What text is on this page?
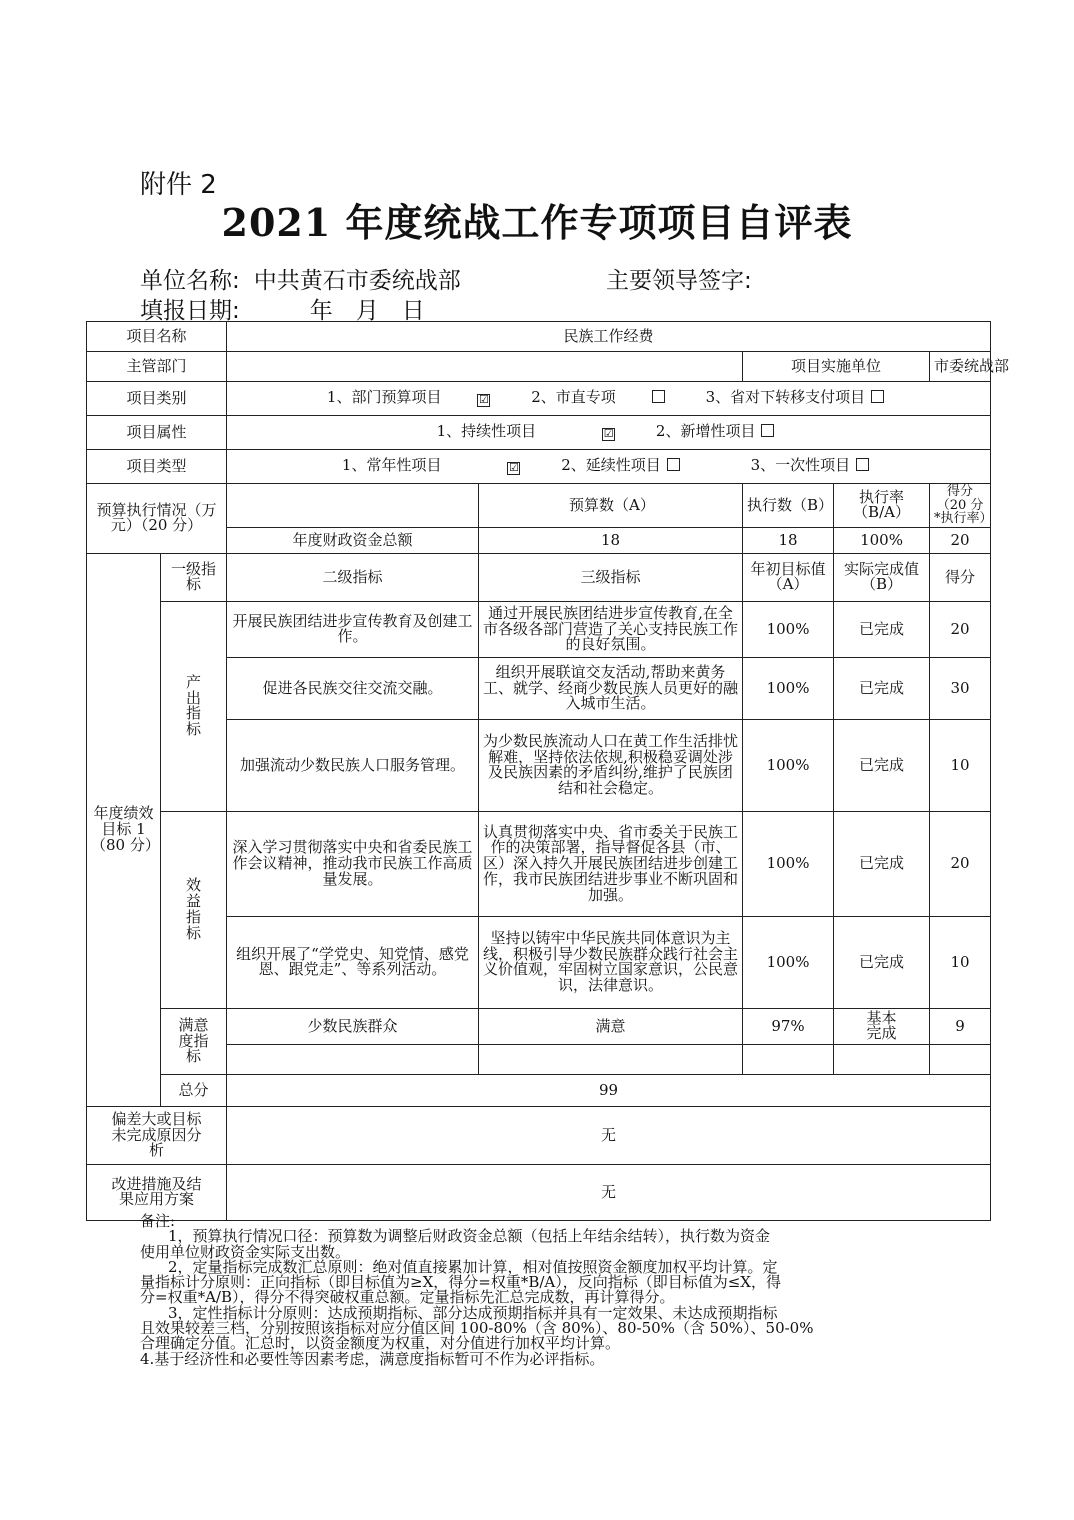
附件 2
2021 年度统战工作专项项目自评表
单位名称: 中共黄石市委统战部	主要领导签字:
填报日期:	年　月　日
项目名称		民族工作经费				
主管部门				项目实施单位		市委统战部
项目类别		1、部门预算项目 ☑ 2、市直专项 3、省对下转移支付项目				
项目属性		1、持续性项目 ☑ 2、新增性项目				
项目类型		1、常年性项目 ☑ 2、延续性项目 3、一次性项目				
预算执行情况（万元）（20 分）			预算数（A）	执行数（B）	执行率（B/A）	得分（20 分*执行率）
		年度财政资金总额	18	18	100%	20
年度绩效目标 1（80 分）	一级指标	二级指标	三级指标	年初目标值（A）	实际完成值（B）	得分
	产出指标	开展民族团结进步宣传教育及创建工作。	通过开展民族团结进步宣传教育,在全市各级各部门营造了关心支持民族工作的良好氛围。	100%	已完成	20
		促进各民族交往交流交融。	组织开展联谊交友活动,帮助来黄务工、就学、经商少数民族人员更好的融入城市生活。	100%	已完成	30
		加强流动少数民族人口服务管理。	为少数民族流动人口在黄工作生活排忧解难，坚持依法依规,积极稳妥调处涉及民族因素的矛盾纠纷,维护了民族团结和社会稳定。	100%	已完成	10
	效益指标	深入学习贯彻落实中央和省委民族工作会议精神，推动我市民族工作高质量发展。	认真贯彻落实中央、省市委关于民族工作的决策部署，指导督促各县（市、区）深入持久开展民族团结进步创建工作，我市民族团结进步事业不断巩固和加强。	100%	已完成	20
		组织开展了“学党史、知党情、感党恩、跟党走”、等系列活动。	坚持以铸牢中华民族共同体意识为主线，积极引导少数民族群众践行社会主义价值观，牢固树立国家意识，公民意识，法律意识。	100%	已完成	10
	满意度指标	少数民族群众	满意	97%	基本完成	9

	总分	99				
偏差大或目标未完成原因分析		无				
改进措施及结果应用方案		无				
备注:
1，预算执行情况口径：预算数为调整后财政资金总额（包括上年结余结转），执行数为资金
使用单位财政资金实际支出数。
2，定量指标完成数汇总原则：绝对值直接累加计算，相对值按照资金额度加权平均计算。定
量指标计分原则：正向指标（即目标值为≥X，得分=权重*B/A），反向指标（即目标值为≤X，得
分=权重*A/B），得分不得突破权重总额。定量指标先汇总完成数，再计算得分。
3，定性指标计分原则：达成预期指标、部分达成预期指标并具有一定效果、未达成预期指标
且效果较差三档，分别按照该指标对应分值区间 100-80%（含 80%）、80-50%（含 50%）、50-0%
合理确定分值。汇总时，以资金额度为权重，对分值进行加权平均计算。
4.基于经济性和必要性等因素考虑，满意度指标暂可不作为必评指标。
